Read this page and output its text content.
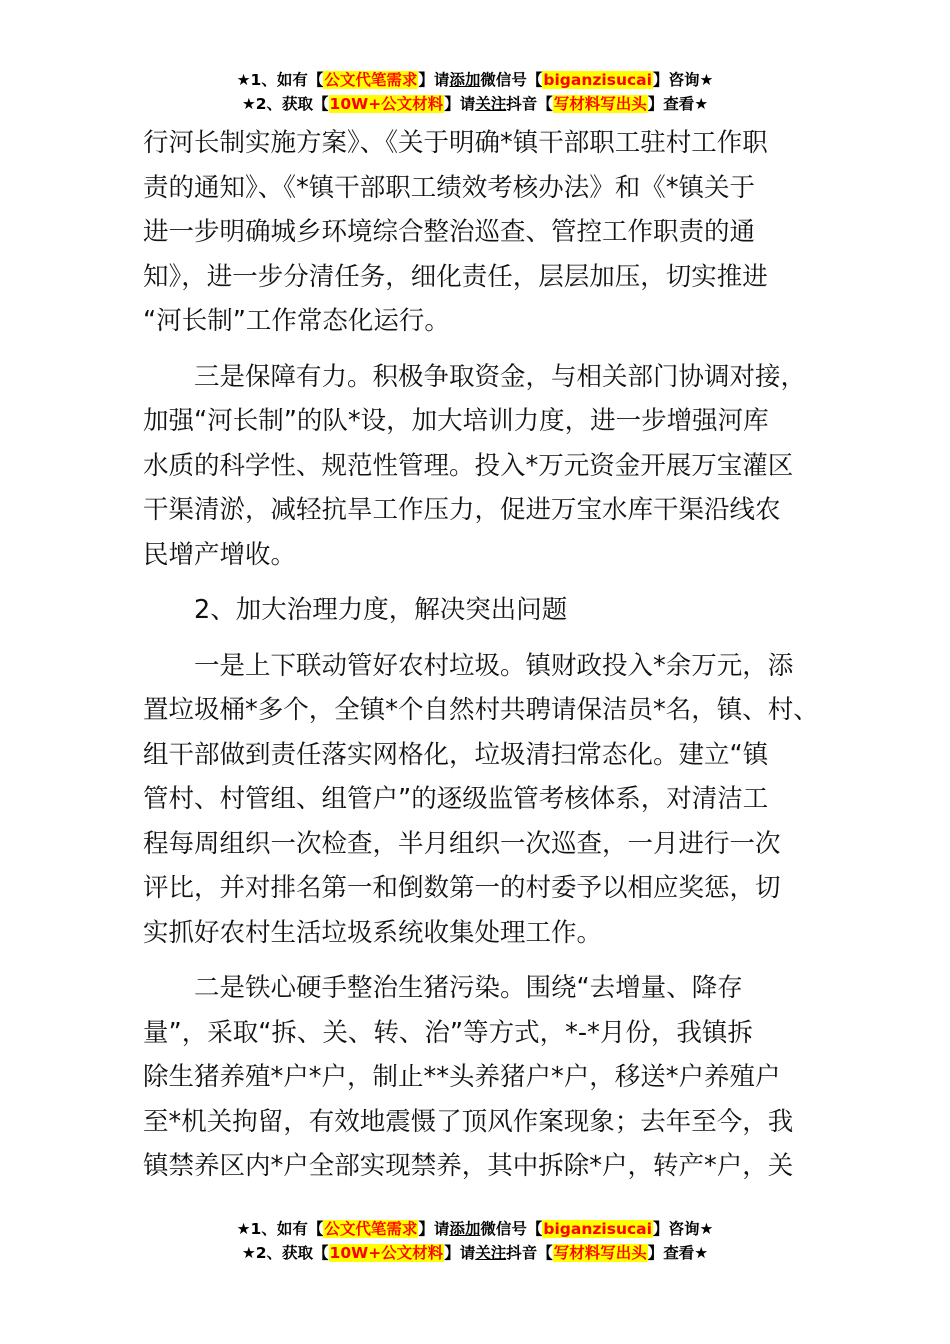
★1、如有【公文代笔需求】请添加微信号【biganzisucai】咨询★
★2、获取【10W+公文材料】请关注抖音【写材料写出头】查看★

行河长制实施方案》、《关于明确*镇干部职工驻村工作职

责的通知》、《*镇干部职工绩效考核办法》和《*镇关于

进一步明确城乡环境综合整治巡查、管控工作职责的通

知》，进一步分清任务，细化责任，层层加压，切实推进

“河长制”工作常态化运行。

　　三是保障有力。积极争取资金，与相关部门协调对接，

加强“河长制”的队*设，加大培训力度，进一步增强河库

水质的科学性、规范性管理。投入*万元资金开展万宝灌区

干渠清淤，减轻抗旱工作压力，促进万宝水库干渠沿线农

民增产增收。

　　2、加大治理力度，解决突出问题

　　一是上下联动管好农村垃圾。镇财政投入*余万元，添

置垃圾桶*多个，全镇*个自然村共聘请保洁员*名，镇、村、

组干部做到责任落实网格化，垃圾清扫常态化。建立“镇

管村、村管组、组管户”的逐级监管考核体系，对清洁工

程每周组织一次检查，半月组织一次巡查，一月进行一次

评比，并对排名第一和倒数第一的村委予以相应奖惩，切

实抓好农村生活垃圾系统收集处理工作。

　　二是铁心硬手整治生猪污染。围绕“去增量、降存

量”，采取“拆、关、转、治”等方式，*-*月份，我镇拆

除生猪养殖*户*户，制止**头养猪户*户，移送*户养殖户

至*机关拘留，有效地震慑了顶风作案现象；去年至今，我

镇禁养区内*户全部实现禁养，其中拆除*户，转产*户，关

★1、如有【公文代笔需求】请添加微信号【biganzisucai】咨询★
★2、获取【10W+公文材料】请关注抖音【写材料写出头】查看★
